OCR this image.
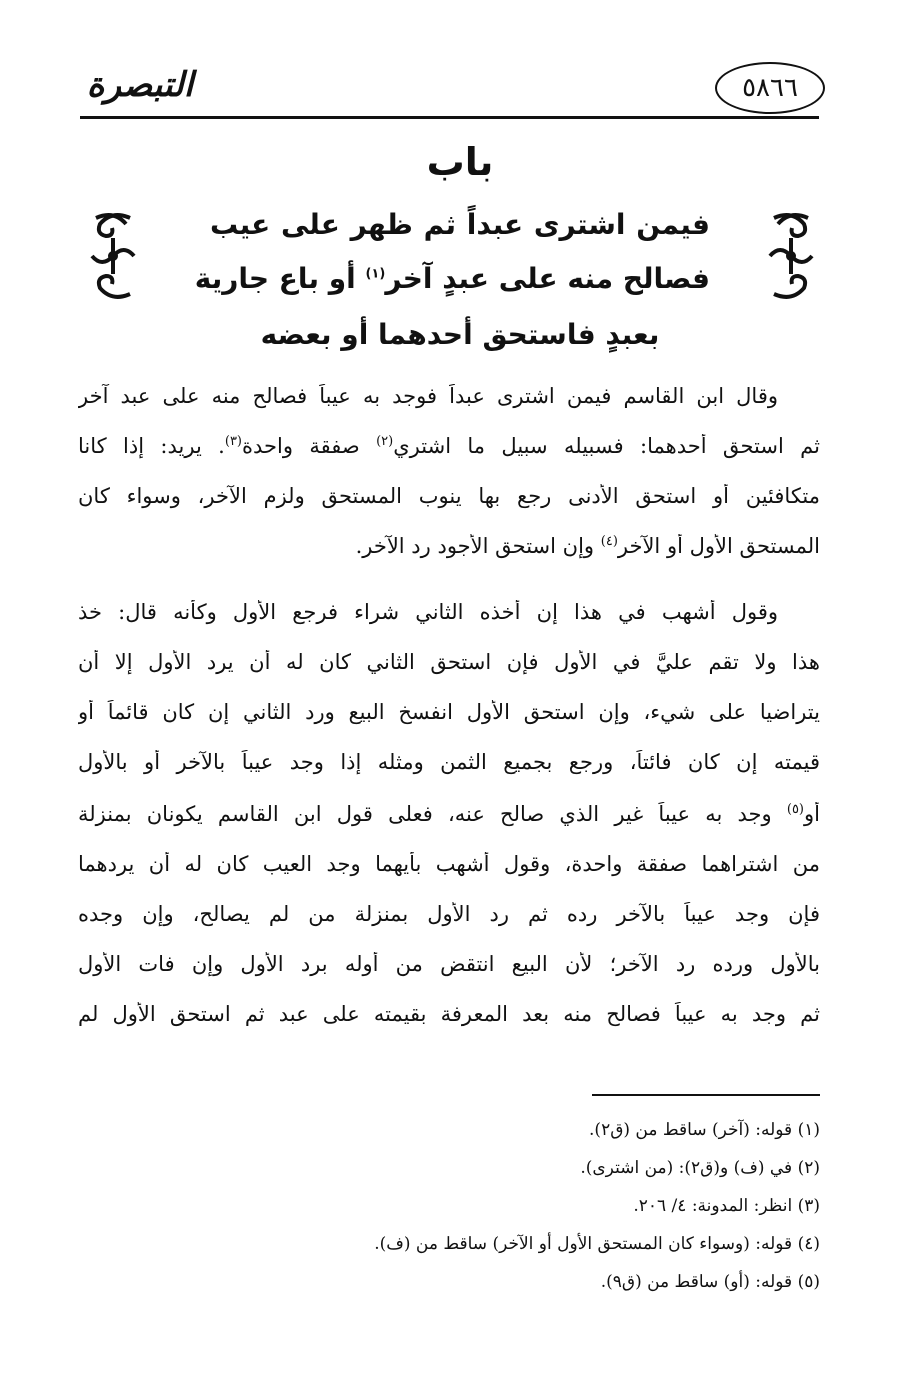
٥٨٦٦
التبصرة
باب
فيمن اشترى عبداً ثم ظهر على عيب
فصالح منه على عبدٍ آخر$^{(١)}$ أو باع جارية
بعبدٍ فاستحق أحدهما أو بعضه
وقال ابن القاسم فيمن اشترى عبداً فوجد به عيباً فصالح منه على عبد آخر
ثم استحق أحدهما: فسبيله سبيل ما اشتري$^{(٢)}$ صفقة واحدة$^{(٣)}$. يريد: إذا كانا
متكافئين أو استحق الأدنى رجع بها ينوب المستحق ولزم الآخر، وسواء كان
المستحق الأول أو الآخر$^{(٤)}$ وإن استحق الأجود رد الآخر.
وقول أشهب في هذا إن أخذه الثاني شراء فرجع الأول وكأنه قال: خذ
هذا ولا تقم عليَّ في الأول فإن استحق الثاني كان له أن يرد الأول إلا أن
يتراضيا على شيء، وإن استحق الأول انفسخ البيع ورد الثاني إن كان قائماً أو
قيمته إن كان فائتاً، ورجع بجميع الثمن ومثله إذا وجد عيباً بالآخر أو بالأول
أو$^{(٥)}$ وجد به عيباً غير الذي صالح عنه، فعلى قول ابن القاسم يكونان بمنزلة
من اشتراهما صفقة واحدة، وقول أشهب بأيهما وجد العيب كان له أن يردهما
فإن وجد عيباً بالآخر رده ثم رد الأول بمنزلة من لم يصالح، وإن وجده
بالأول ورده رد الآخر؛ لأن البيع انتقض من أوله برد الأول وإن فات الأول
ثم وجد به عيباً فصالح منه بعد المعرفة بقيمته على عبد ثم استحق الأول لم
(١) قوله: (آخر) ساقط من (ق٢).
(٢) في (ف) و(ق٢): (من اشترى).
(٣) انظر: المدونة: ٤/ ٢٠٦.
(٤) قوله: (وسواء كان المستحق الأول أو الآخر) ساقط من (ف).
(٥) قوله: (أو) ساقط من (ق٩).
